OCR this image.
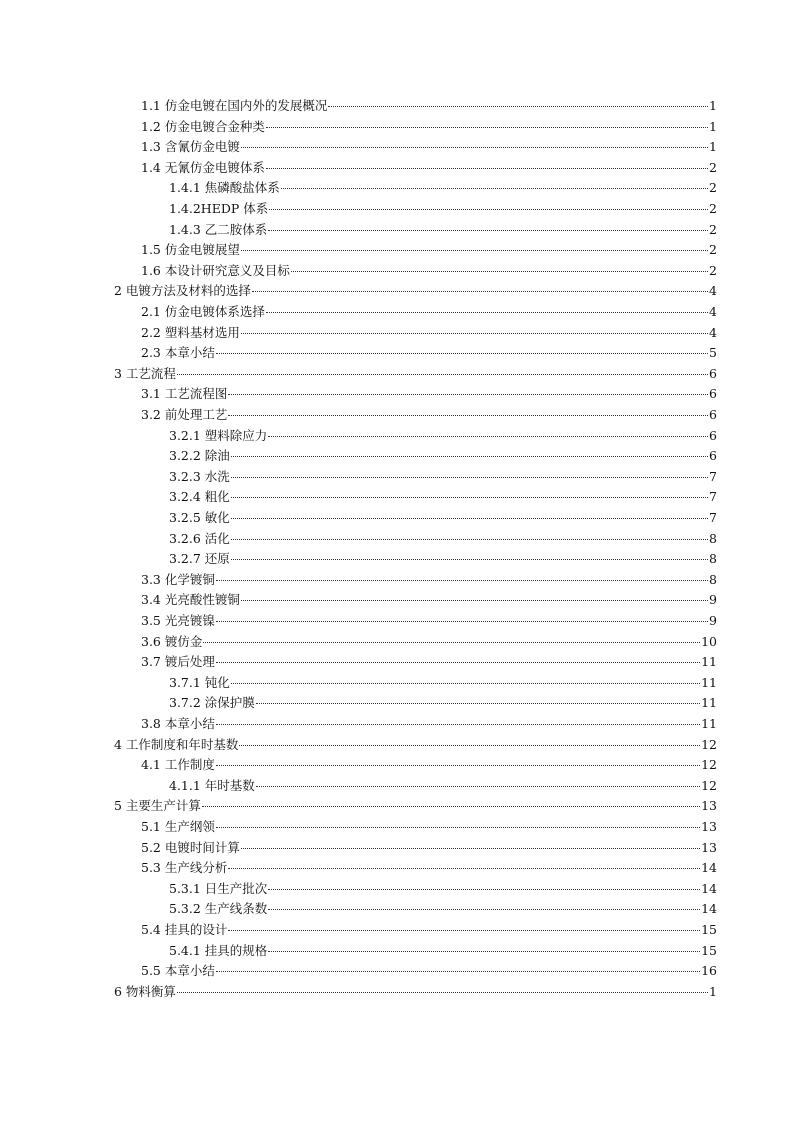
1.1 仿金电镀在国内外的发展概况	1
1.2 仿金电镀合金种类	1
1.3 含氰仿金电镀	1
1.4 无氰仿金电镀体系	2
1.4.1 焦磷酸盐体系	2
1.4.2HEDP 体系	2
1.4.3 乙二胺体系	2
1.5 仿金电镀展望	2
1.6 本设计研究意义及目标	2
2 电镀方法及材料的选择	4
2.1 仿金电镀体系选择	4
2.2 塑料基材选用	4
2.3 本章小结	5
3 工艺流程	6
3.1 工艺流程图	6
3.2 前处理工艺	6
3.2.1 塑料除应力	6
3.2.2 除油	6
3.2.3 水洗	7
3.2.4 粗化	7
3.2.5 敏化	7
3.2.6 活化	8
3.2.7 还原	8
3.3 化学镀铜	8
3.4 光亮酸性镀铜	9
3.5 光亮镀镍	9
3.6 镀仿金	10
3.7 镀后处理	11
3.7.1 钝化	11
3.7.2 涂保护膜	11
3.8 本章小结	11
4 工作制度和年时基数	12
4.1 工作制度	12
4.1.1 年时基数	12
5 主要生产计算	13
5.1 生产纲领	13
5.2 电镀时间计算	13
5.3 生产线分析	14
5.3.1 日生产批次	14
5.3.2 生产线条数	14
5.4 挂具的设计	15
5.4.1 挂具的规格	15
5.5 本章小结	16
6 物料衡算	1
